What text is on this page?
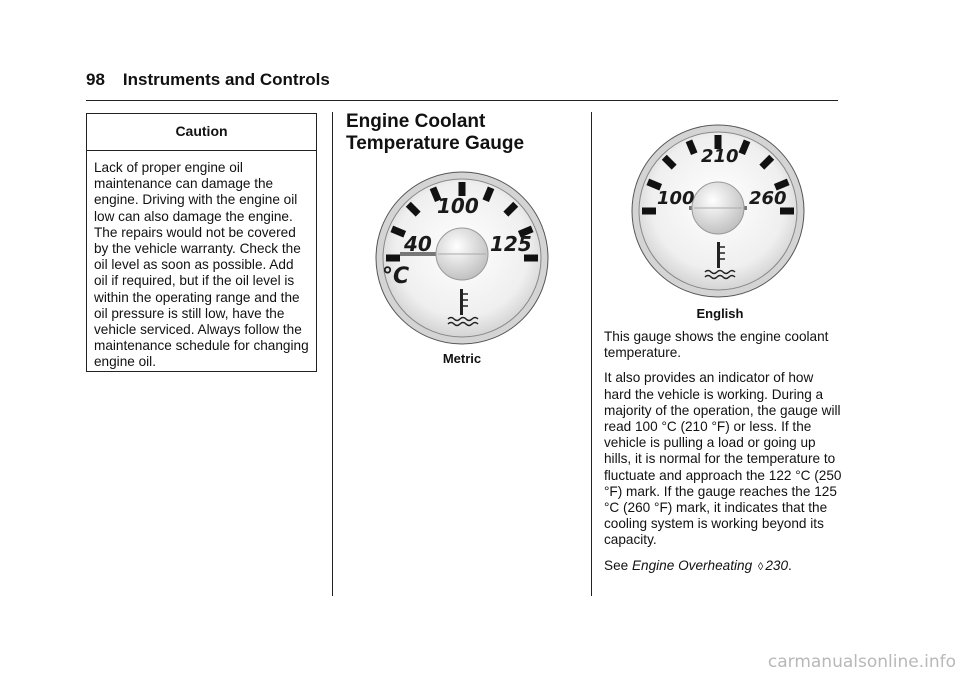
98 Instruments and Controls
Caution
Lack of proper engine oil maintenance can damage the engine. Driving with the engine oil low can also damage the engine. The repairs would not be covered by the vehicle warranty. Check the oil level as soon as possible. Add oil if required, but if the oil level is within the operating range and the oil pressure is still low, have the vehicle serviced. Always follow the maintenance schedule for changing engine oil.
Engine Coolant Temperature Gauge
100
40	125
°C
Metric
210
100	260
English

This gauge shows the engine coolant temperature.

It also provides an indicator of how hard the vehicle is working. During a majority of the operation, the gauge will read 100 °C (210 °F) or less. If the vehicle is pulling a load or going up hills, it is normal for the temperature to fluctuate and approach the 122 °C (250 °F) mark. If the gauge reaches the 125 °C (260 °F) mark, it indicates that the cooling system is working beyond its capacity.

See Engine Overheating ◊ 230.

carmanualsonline.info
